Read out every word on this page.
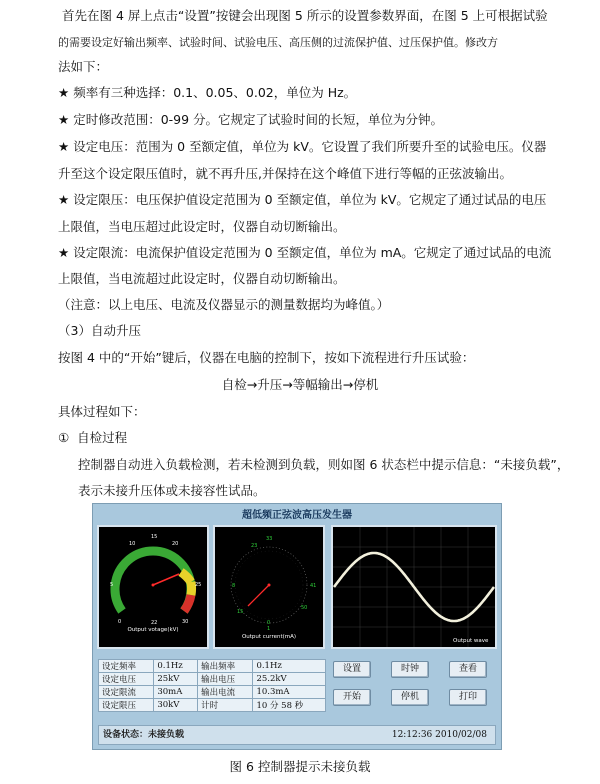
首先在图 4 屏上点击“设置”按键会出现图 5 所示的设置参数界面，在图 5 上可根据试验
的需要设定好输出频率、试验时间、试验电压、高压侧的过流保护值、过压保护值。修改方
法如下：
★ 频率有三种选择：0.1、0.05、0.02，单位为 Hz。
★ 定时修改范围：0-99 分。它规定了试验时间的长短，单位为分钟。
★ 设定电压：范围为 0 至额定值，单位为 kV。它设置了我们所要升至的试验电压。仪器
升至这个设定限压值时，就不再升压,并保持在这个峰值下进行等幅的正弦波输出。
★ 设定限压：电压保护值设定范围为 0 至额定值，单位为 kV。它规定了通过试品的电压
上限值，当电压超过此设定时，仪器自动切断输出。
★ 设定限流：电流保护值设定范围为 0 至额定值，单位为 mA。它规定了通过试品的电流
上限值，当电流超过此设定时，仪器自动切断输出。
（注意：以上电压、电流及仪器显示的测量数据均为峰值。）
（3）自动升压
按图 4 中的“开始”键后，仪器在电脑的控制下，按如下流程进行升压试验：
自检→升压→等幅输出→停机
具体过程如下：
① 自检过程
控制器自动进入负载检测，若未检测到负载，则如图 6 状态栏中提示信息：“未接负载”，
表示未接升压体或未接容性试品。
超低频正弦波高压发生器
10
15
20
5	25
0	22	30
Output votage(kV)
23
33
41
50
0
8
1
15
Output current(mA)
Output wave
设定频率	0.1Hz	输出频率	0.1Hz
设定电压	25kV	输出电压	25.2kV
设定限流	30mA	输出电流	10.3mA
设定限压	30kV	计时	10 分 58 秒
设置	时钟	查看
开始	停机	打印
设备状态：未接负载	12:12:36 2010/02/08
图 6 控制器提示未接负载
